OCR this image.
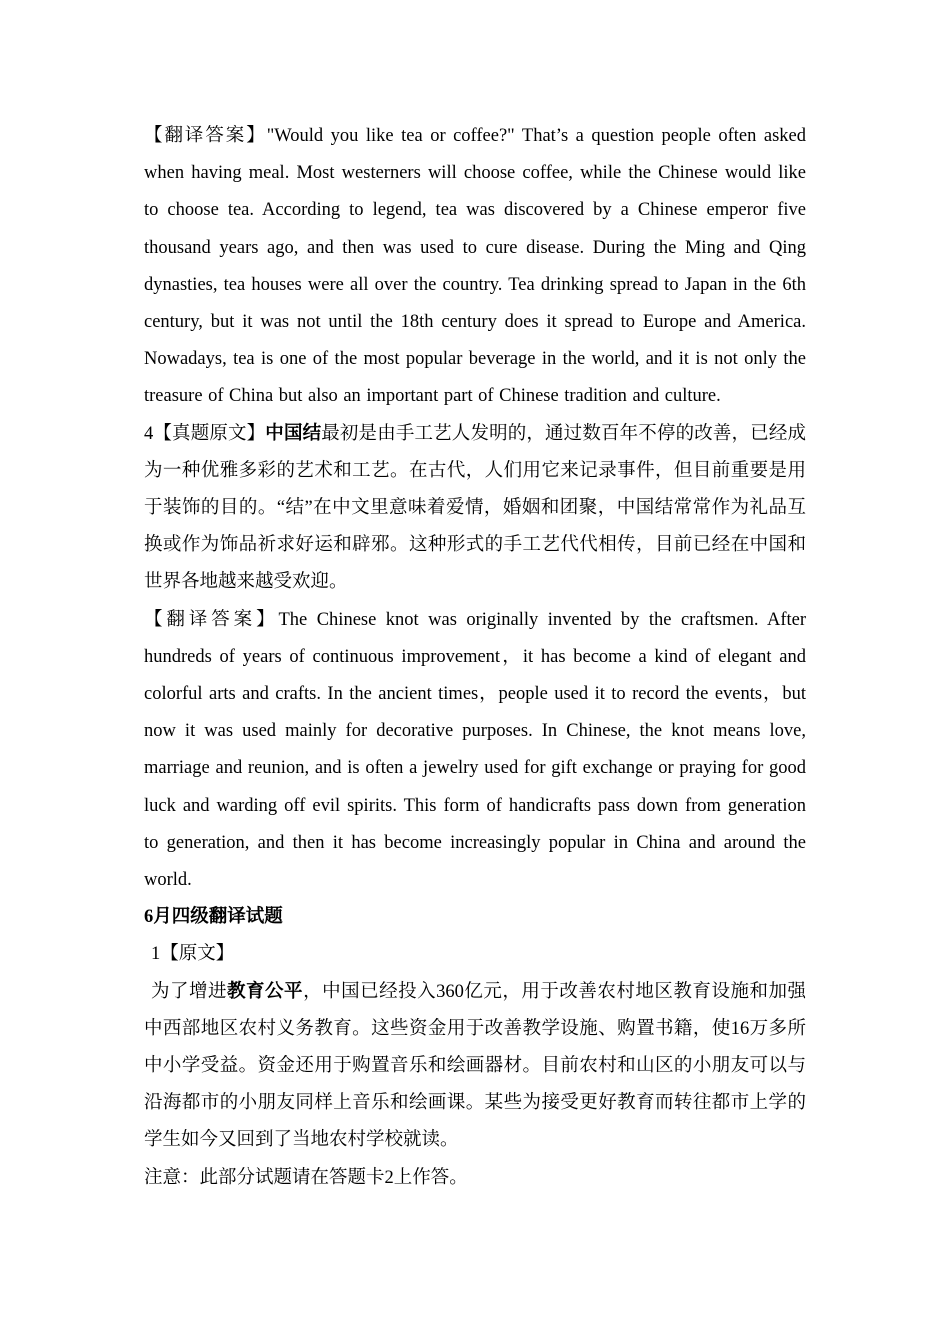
【翻译答案】"Would you like tea or coffee?" That’s a question people often asked when having meal. Most westerners will choose coffee, while the Chinese would like to choose tea. According to legend, tea was discovered by a Chinese emperor five thousand years ago, and then was used to cure disease. During the Ming and Qing dynasties, tea houses were all over the country. Tea drinking spread to Japan in the 6th century, but it was not until the 18th century does it spread to Europe and America. Nowadays, tea is one of the most popular beverage in the world, and it is not only the treasure of China but also an important part of Chinese tradition and culture.

4【真题原文】中国结最初是由手工艺人发明的，通过数百年不停的改善，已经成为一种优雅多彩的艺术和工艺。在古代，人们用它来记录事件，但目前重要是用于装饰的目的。“结”在中文里意味着爱情，婚姻和团聚，中国结常常作为礼品互换或作为饰品祈求好运和辟邪。这种形式的手工艺代代相传，目前已经在中国和世界各地越来越受欢迎。

【翻译答案】The Chinese knot was originally invented by the craftsmen. After hundreds of years of continuous improvement，it has become a kind of elegant and colorful arts and crafts. In the ancient times，people used it to record the events，but now it was used mainly for decorative purposes. In Chinese, the knot means love, marriage and reunion, and is often a jewelry used for gift exchange or praying for good luck and warding off evil spirits. This form of handicrafts pass down from generation to generation, and then it has become increasingly popular in China and around the world.

6月四级翻译试题

1【原文】

为了增进教育公平，中国已经投入360亿元，用于改善农村地区教育设施和加强中西部地区农村义务教育。这些资金用于改善教学设施、购置书籍，使16万多所中小学受益。资金还用于购置音乐和绘画器材。目前农村和山区的小朋友可以与沿海都市的小朋友同样上音乐和绘画课。某些为接受更好教育而转往都市上学的学生如今又回到了当地农村学校就读。

注意：此部分试题请在答题卡2上作答。
